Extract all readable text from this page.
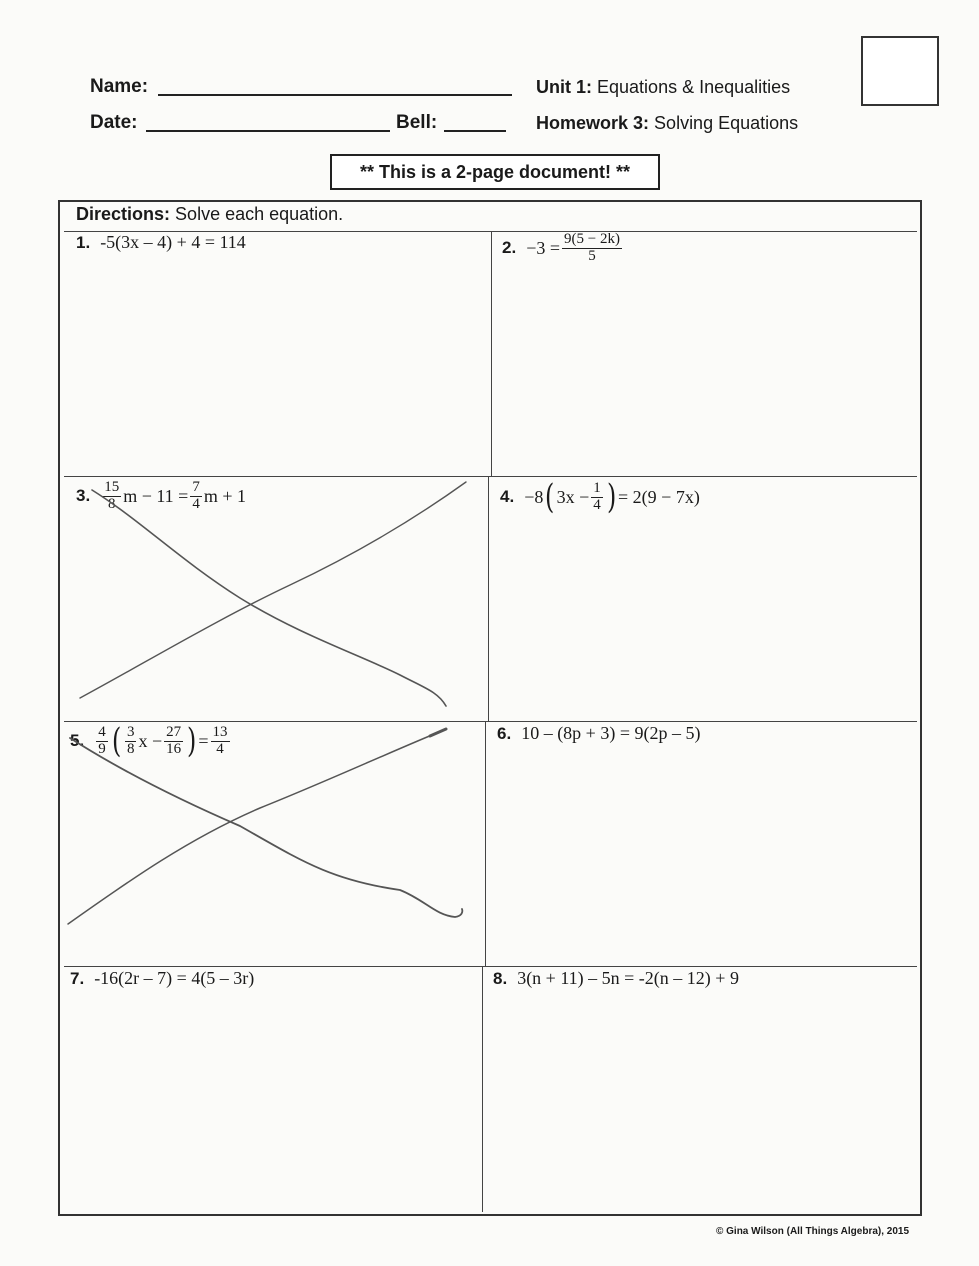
Name:
Date:	Bell:
Unit 1: Equations & Inequalities
Homework 3: Solving Equations
** This is a 2-page document! **
Directions: Solve each equation.
1. -5(3x – 4) + 4 = 114	2. $-3 = \frac{9(5 - 2k)}{5}$
3. $\frac{15}{8}$ $m - 11 = \frac{7}{4}$ m + 1	4. −8 ( $3x - \frac{1}{4}$ ) = 2(9 − 7x)
5. $\frac{4}{9}$ ( $\frac{3}{8}$ $x - \frac{27}{16}$ ) = $\frac{13}{4}$	6. 10 – (8p + 3) = 9(2p – 5)
7. -16(2r – 7) = 4(5 – 3r)	8. 3(n + 11) – 5n = -2(n – 12) + 9
© Gina Wilson (All Things Algebra), 2015
